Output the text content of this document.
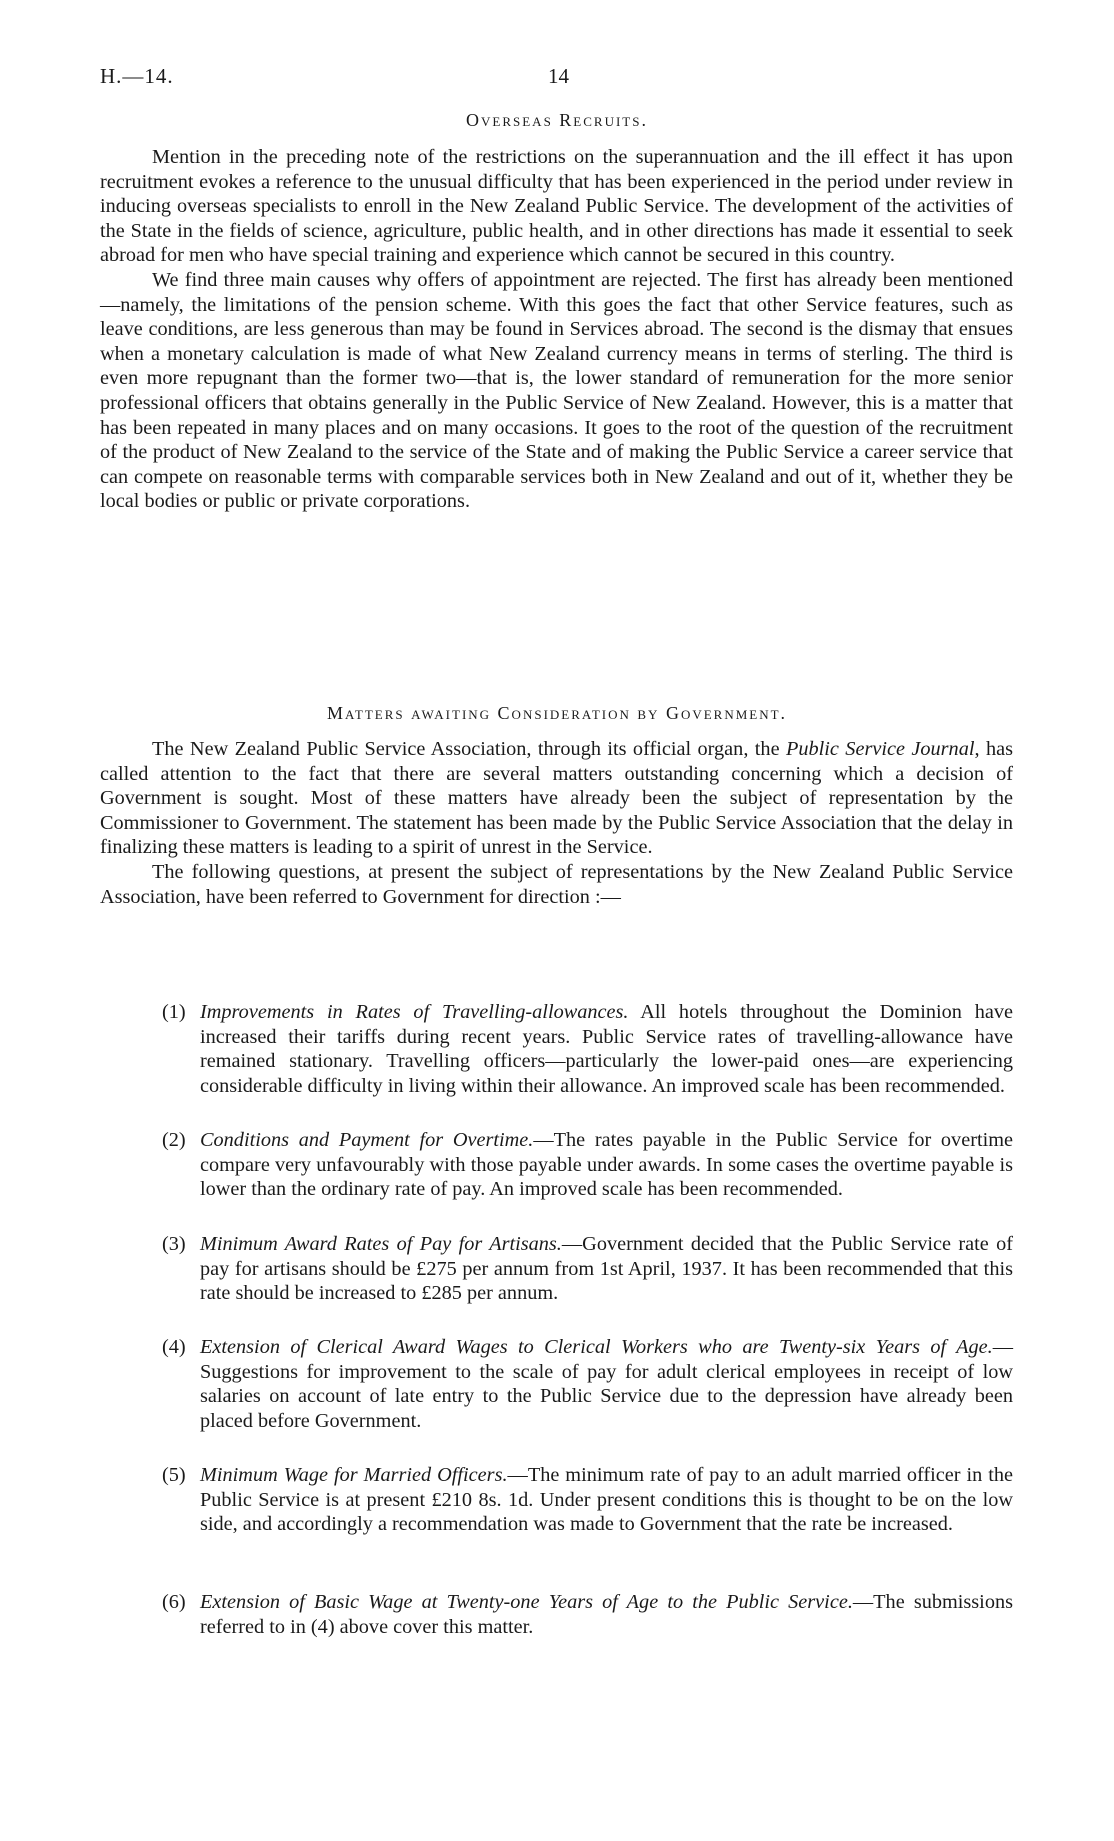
H.—14.	14
Overseas Recruits.

Mention in the preceding note of the restrictions on the superannuation and the ill effect it has upon recruitment evokes a reference to the unusual difficulty that has been experienced in the period under review in inducing overseas specialists to enroll in the New Zealand Public Service. The development of the activities of the State in the fields of science, agriculture, public health, and in other directions has made it essential to seek abroad for men who have special training and experience which cannot be secured in this country.

We find three main causes why offers of appointment are rejected. The first has already been mentioned—namely, the limitations of the pension scheme. With this goes the fact that other Service features, such as leave conditions, are less generous than may be found in Services abroad. The second is the dismay that ensues when a monetary calculation is made of what New Zealand currency means in terms of sterling. The third is even more repugnant than the former two—that is, the lower standard of remuneration for the more senior professional officers that obtains generally in the Public Service of New Zealand. However, this is a matter that has been repeated in many places and on many occasions. It goes to the root of the question of the recruitment of the product of New Zealand to the service of the State and of making the Public Service a career service that can compete on reasonable terms with comparable services both in New Zealand and out of it, whether they be local bodies or public or private corporations.

Matters awaiting Consideration by Government.

The New Zealand Public Service Association, through its official organ, the Public Service Journal, has called attention to the fact that there are several matters outstanding concerning which a decision of Government is sought. Most of these matters have already been the subject of representation by the Commissioner to Government. The statement has been made by the Public Service Association that the delay in finalizing these matters is leading to a spirit of unrest in the Service.

The following questions, at present the subject of representations by the New Zealand Public Service Association, have been referred to Government for direction :—

(1) Improvements in Rates of Travelling-allowances. All hotels throughout the Dominion have increased their tariffs during recent years. Public Service rates of travelling-allowance have remained stationary. Travelling officers—particularly the lower-paid ones—are experiencing considerable difficulty in living within their allowance. An improved scale has been recommended.
(2) Conditions and Payment for Overtime.—The rates payable in the Public Service for overtime compare very unfavourably with those payable under awards. In some cases the overtime payable is lower than the ordinary rate of pay. An improved scale has been recommended.
(3) Minimum Award Rates of Pay for Artisans.—Government decided that the Public Service rate of pay for artisans should be £275 per annum from 1st April, 1937. It has been recommended that this rate should be increased to £285 per annum.
(4) Extension of Clerical Award Wages to Clerical Workers who are Twenty-six Years of Age.—Suggestions for improvement to the scale of pay for adult clerical employees in receipt of low salaries on account of late entry to the Public Service due to the depression have already been placed before Government.
(5) Minimum Wage for Married Officers.—The minimum rate of pay to an adult married officer in the Public Service is at present £210 8s. 1d. Under present conditions this is thought to be on the low side, and accordingly a recommendation was made to Government that the rate be increased.
(6) Extension of Basic Wage at Twenty-one Years of Age to the Public Service.—The submissions referred to in (4) above cover this matter.
